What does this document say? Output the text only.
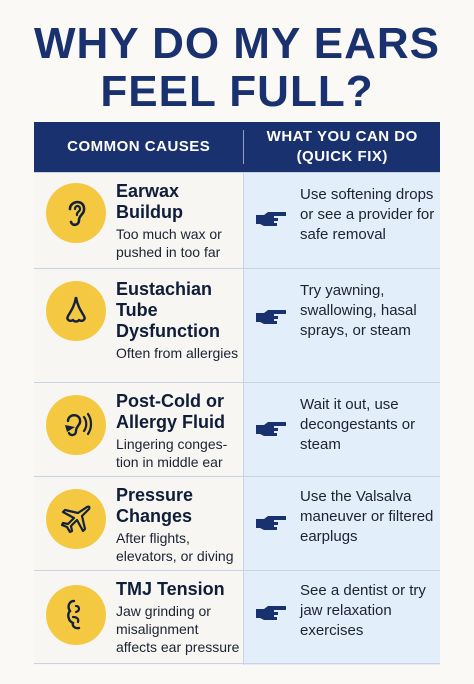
WHY DO MY EARS
FEEL FULL?
COMMON CAUSES
WHAT YOU CAN DO (QUICK FIX)
Earwax Buildup
Too much wax or pushed in too far
Use softening drops or see a provider for safe removal
Eustachian Tube Dysfunction
Often from allergies
Try yawning, swallowing, hasal sprays, or steam
Post-Cold or Allergy Fluid
Lingering conges- tion in middle ear
Wait it out, use decongestants or steam
Pressure Changes
After flights, elevators, or diving
Use the Valsalva maneuver or filtered earplugs
TMJ Tension
Jaw grinding or misalignment affects ear pressure
See a dentist or try jaw relaxation exercises
